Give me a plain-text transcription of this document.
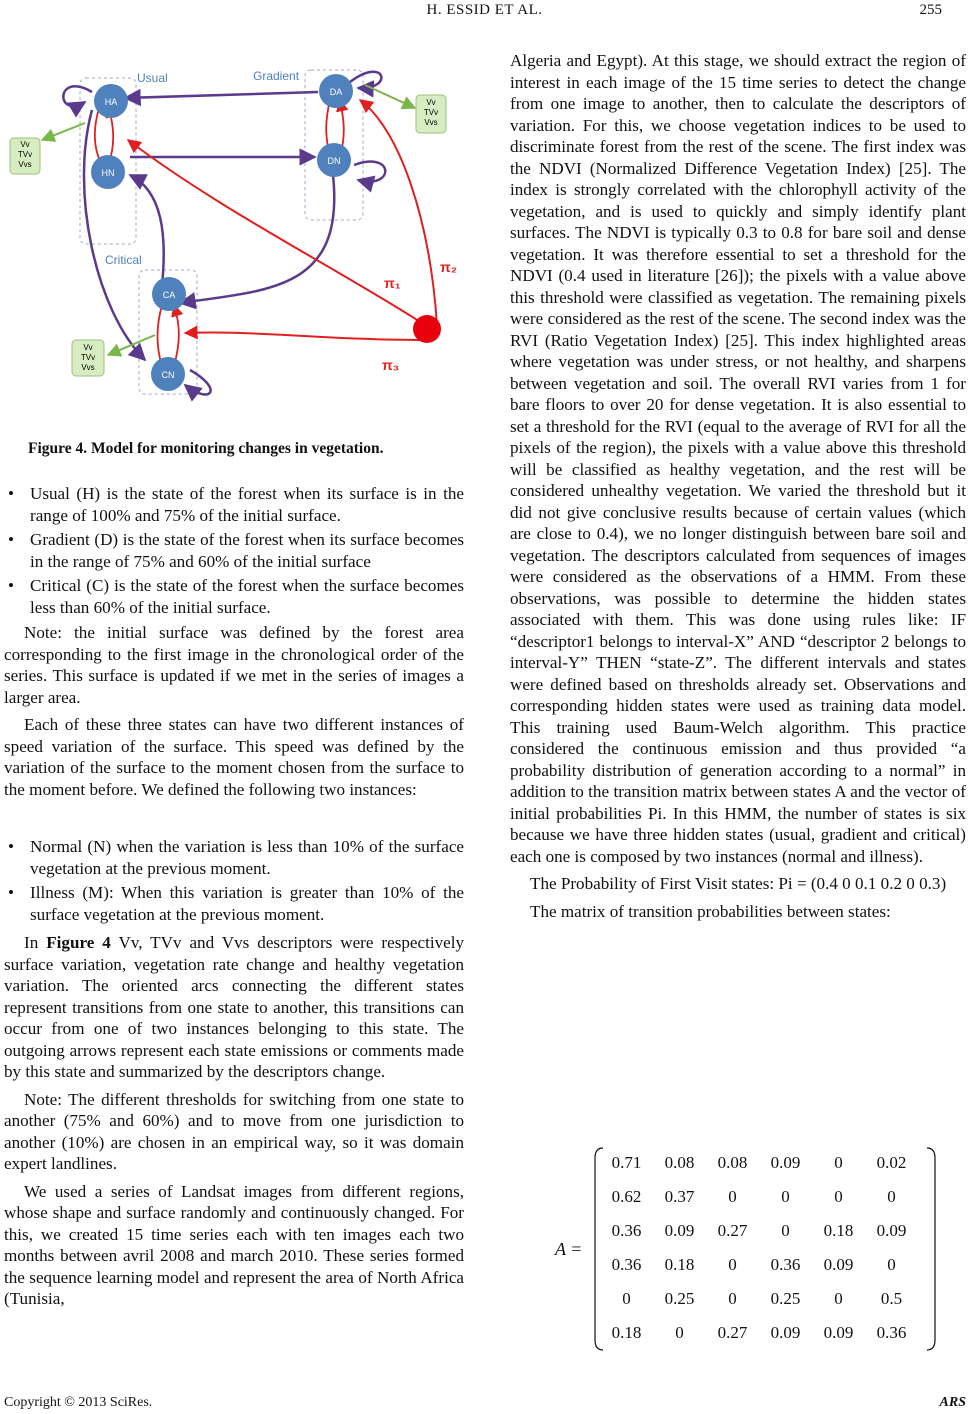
H. ESSID ET AL.	255
Usual	Gradient
Critical
HA
HN
DA
DN
CA
CN
π₁
π₂
π₃
Vv
TVv
Vvs
Vv
TVv
Vvs
Vv
TVv
Vvs
Figure 4. Model for monitoring changes in vegetation.
• Usual (H) is the state of the forest when its surface is in the range of 100% and 75% of the initial surface.
• Gradient (D) is the state of the forest when its surface becomes in the range of 75% and 60% of the initial surface
• Critical (C) is the state of the forest when the surface becomes less than 60% of the initial surface.

Note: the initial surface was defined by the forest area corresponding to the first image in the chronological order of the series. This surface is updated if we met in the series of images a larger area.

Each of these three states can have two different instances of speed variation of the surface. This speed was defined by the variation of the surface to the moment chosen from the surface to the moment before. We defined the following two instances:

• Normal (N) when the variation is less than 10% of the surface vegetation at the previous moment.
• Illness (M): When this variation is greater than 10% of the surface vegetation at the previous moment.

In Figure 4 Vv, TVv and Vvs descriptors were respectively surface variation, vegetation rate change and healthy vegetation variation. The oriented arcs connecting the different states represent transitions from one state to another, this transitions can occur from one of two instances belonging to this state. The outgoing arrows represent each state emissions or comments made by this state and summarized by the descriptors change.

Note: The different thresholds for switching from one state to another (75% and 60%) and to move from one jurisdiction to another (10%) are chosen in an empirical way, so it was domain expert landlines.

We used a series of Landsat images from different regions, whose shape and surface randomly and continuously changed. For this, we created 15 time series each with ten images each two months between avril 2008 and march 2010. These series formed the sequence learning model and represent the area of North Africa (Tunisia,

Algeria and Egypt). At this stage, we should extract the region of interest in each image of the 15 time series to detect the change from one image to another, then to calculate the descriptors of variation. For this, we choose vegetation indices to be used to discriminate forest from the rest of the scene. The first index was the NDVI (Normalized Difference Vegetation Index) [25]. The index is strongly correlated with the chlorophyll activity of the vegetation, and is used to quickly and simply identify plant surfaces. The NDVI is typically 0.3 to 0.8 for bare soil and dense vegetation. It was therefore essential to set a threshold for the NDVI (0.4 used in literature [26]); the pixels with a value above this threshold were classified as vegetation. The remaining pixels were considered as the rest of the scene. The second index was the RVI (Ratio Vegetation Index) [25]. This index highlighted areas where vegetation was under stress, or not healthy, and sharpens between vegetation and soil. The overall RVI varies from 1 for bare floors to over 20 for dense vegetation. It is also essential to set a threshold for the RVI (equal to the average of RVI for all the pixels of the region), the pixels with a value above this threshold will be classified as healthy vegetation, and the rest will be considered unhealthy vegetation. We varied the threshold but it did not give conclusive results because of certain values (which are close to 0.4), we no longer distinguish between bare soil and vegetation. The descriptors calculated from sequences of images were considered as the observations of a HMM. From these observations, was possible to determine the hidden states associated with them. This was done using rules like: IF “descriptor1 belongs to interval-X” AND “descriptor 2 belongs to interval-Y” THEN “state-Z”. The different intervals and states were defined based on thresholds already set. Observations and corresponding hidden states were used as training data model. This training used Baum-Welch algorithm. This practice considered the continuous emission and thus provided “a probability distribution of generation according to a normal” in addition to the transition matrix between states A and the vector of initial probabilities Pi. In this HMM, the number of states is six because we have three hidden states (usual, gradient and critical) each one is composed by two instances (normal and illness).

The Probability of First Visit states: Pi = (0.4 0 0.1 0.2 0 0.3)

The matrix of transition probabilities between states:

A =
0.71	0.08	0.08	0.09	0	0.02
0.62	0.37	0	0	0	0
0.36	0.09	0.27	0	0.18	0.09
0.36	0.18	0	0.36	0.09	0
0	0.25	0	0.25	0	0.5
0.18	0	0.27	0.09	0.09	0.36
Copyright © 2013 SciRes.	ARS
